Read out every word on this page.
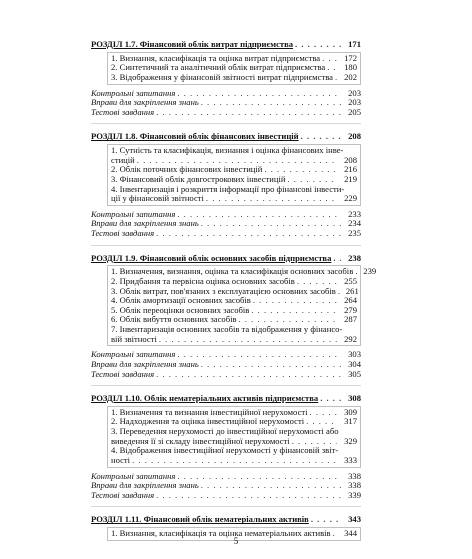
РОЗДІЛ 1.7. Фінансовий облік витрат підприємства . . .	171
1. Визнання, класифікація та оцінка витрат підприємства . . .	172
2. Синтетичний та аналітичний облік витрат підприємства . . .	180
3. Відображення у фінансовій звітності витрат підприємства . . . 202
Контрольні запитання . . .	203
Вправи для закріплення знань . . .	203
Тестові завдання . . .	205
РОЗДІЛ 1.8. Фінансовий облік фінансових інвестицій . . .	208
1. Сутність та класифікація, визнання і оцінка фінансових інве-
стицій . . .	208
2. Облік поточних фінансових інвестицій . . .	216
3. Фінансовий облік довгострокових інвестицій . . .	219
4. Інвентаризація і розкриття інформації про фінансові інвести-
ції у фінансовій звітності . . .	229
Контрольні запитання . . .	233
Вправи для закріплення знань . . .	234
Тестові завдання . . .	235
РОЗДІЛ 1.9. Фінансовий облік основних засобів підприємства . . .	238
1. Визначення, визнання, оцінка та класифікація основних засобів . . . 239
2. Придбання та первісна оцінка основних засобів . . .	255
3. Облік витрат, пов'язаних з експлуатацією основних засобів . . . 261
4. Облік амортизації основних засобів . . .	264
5. Облік переоцінки основних засобів . . .	279
6. Облік вибуття основних засобів . . .	287
7. Інвентаризація основних засобів та відображення у фінансо-
вій звітності . . .	292
Контрольні запитання . . .	303
Вправи для закріплення знань . . .	304
Тестові завдання . . .	305
РОЗДІЛ 1.10. Облік нематеріальних активів підприємства . . .	308
1. Визначення та визнання інвестиційної нерухомості . . .	309
2. Надходження та оцінка інвестиційної нерухомості . . .	317
3. Переведення нерухомості до інвестиційної нерухомості або
виведення її зі складу інвестиційної нерухомості . . .	329
4. Відображення інвестиційної нерухомості у фінансовій звіт-
ності . . .	333
Контрольні запитання . . .	338
Вправи для закріплення знань . . .	338
Тестові завдання . . .	339
РОЗДІЛ 1.11. Фінансовий облік нематеріальних активів . . .	343
1. Визнання, класифікація та оцінка нематеріальних активів . . .	344
5
